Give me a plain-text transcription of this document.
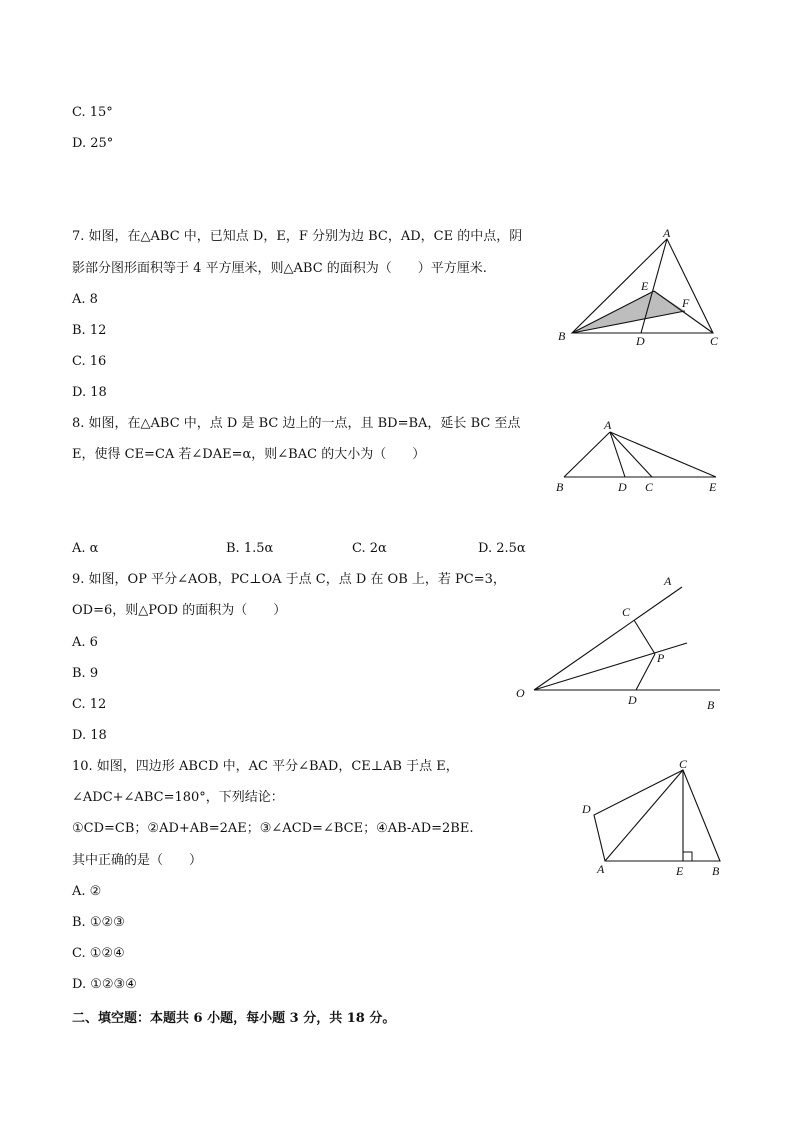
C. 15°
D. 25°
7. 如图，在△ABC 中，已知点 D，E，F 分别为边 BC，AD，CE 的中点，阴
影部分图形面积等于 4 平方厘米，则△ABC 的面积为（　　）平方厘米.
A. 8
B. 12
C. 16
D. 18
A
B	C
D
E
F
8. 如图，在△ABC 中，点 D 是 BC 边上的一点，且 BD=BA，延长 BC 至点
E，使得 CE=CA 若∠DAE=α，则∠BAC 的大小为（　　）
A
B	D C	E
A. α	B. 1.5α	C. 2α	D. 2.5α
9. 如图，OP 平分∠AOB，PC⊥OA 于点 C，点 D 在 OB 上，若 PC=3，
OD=6，则△POD 的面积为（　　）
A. 6
B. 9
C. 12
D. 18
A
C
P
O	D	B
10. 如图，四边形 ABCD 中，AC 平分∠BAD，CE⊥AB 于点 E，
∠ADC+∠ABC=180°，下列结论：
①CD=CB；②AD+AB=2AE；③∠ACD=∠BCE；④AB-AD=2BE.
其中正确的是（　　）
A. ②
B. ①②③
C. ①②④
D. ①②③④
C
D
A	E B
二、填空题：本题共 6 小题，每小题 3 分，共 18 分。
